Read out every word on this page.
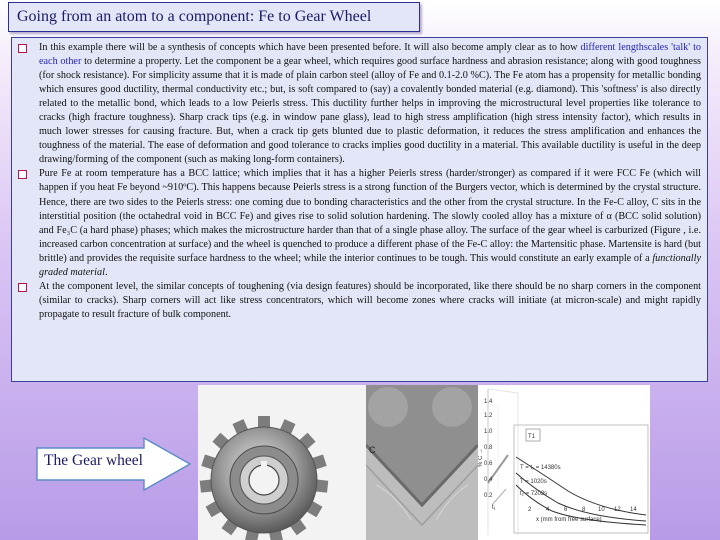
Going from an atom to a component: Fe to Gear Wheel
In this example there will be a synthesis of concepts which have been presented before. It will also become amply clear as to how different lengthscales 'talk' to each other to determine a property. Let the component be a gear wheel, which requires good surface hardness and abrasion resistance; along with good toughness (for shock resistance). For simplicity assume that it is made of plain carbon steel (alloy of Fe and 0.1-2.0 %C). The Fe atom has a propensity for metallic bonding which ensures good ductility, thermal conductivity etc.; but, is soft compared to (say) a covalently bonded material (e.g. diamond). This 'softness' is also directly related to the metallic bond, which leads to a low Peierls stress. This ductility further helps in improving the microstructural level properties like tolerance to cracks (high fracture toughness). Sharp crack tips (e.g. in window pane glass), lead to high stress amplification (high stress intensity factor), which results in much lower stresses for causing fracture. But, when a crack tip gets blunted due to plastic deformation, it reduces the stress amplification and enhances the toughness of the material. The ease of deformation and good tolerance to cracks implies good ductility in a material. This available ductility is useful in the deep drawing/forming of the component (such as making long-form containers).
Pure Fe at room temperature has a BCC lattice; which implies that it has a higher Peierls stress (harder/stronger) as compared if it were FCC Fe (which will happen if you heat Fe beyond ~910ºC). This happens because Peierls stress is a strong function of the Burgers vector, which is determined by the crystal structure. Hence, there are two sides to the Peierls stress: one coming due to bonding characteristics and the other from the crystal structure. In the Fe-C alloy, C sits in the interstitial position (the octahedral void in BCC Fe) and gives rise to solid solution hardening. The slowly cooled alloy has a mixture of α (BCC solid solution) and Fe₃C (a hard phase) phases; which makes the microstructure harder than that of a single phase alloy. The surface of the gear wheel is carburized (Figure , i.e. increased carbon concentration at surface) and the wheel is quenched to produce a different phase of the Fe-C alloy: the Martensitic phase. Martensite is hard (but brittle) and provides the requisite surface hardness to the wheel; while the interior continues to be tough. This would constitute an early example of a functionally graded material.
At the component level, the similar concepts of toughening (via design features) should be incorporated, like there should be no sharp corners in the component (similar to cracks). Sharp corners will act like stress concentrators, which will become zones where cracks will initiate (at micron-scale) and might rapidly propagate to result fracture of bulk component.
The Gear wheel
C
t₁
% C →
1.4
1.2
1.0
0.8
0.6
0.4
0.2
T1
T = t₁ = 14380s
T = 1020s
t₂ = 7203s
2 4 6 8 10 12 14
x (mm from free surface)
